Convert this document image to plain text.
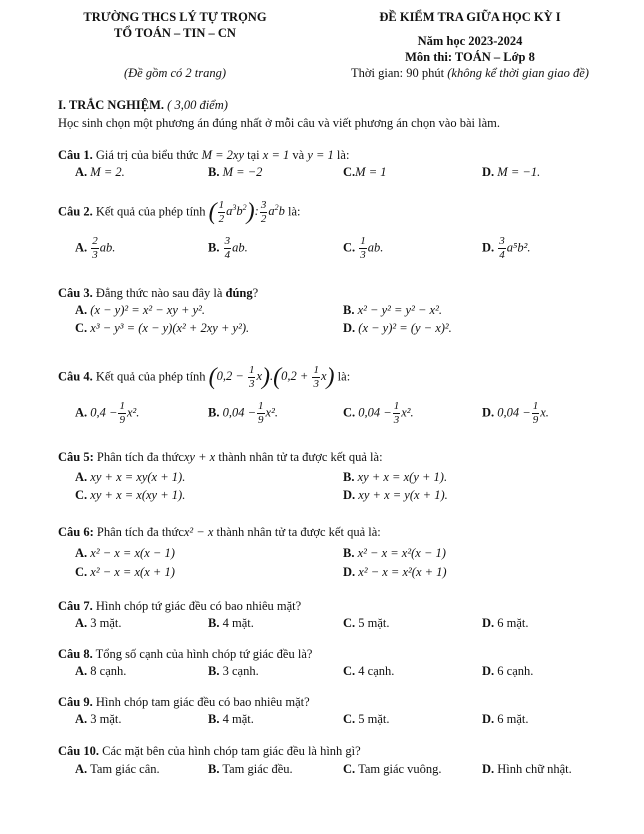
TRƯỜNG THCS LÝ TỰ TRỌNG
TỔ TOÁN – TIN – CN
(Đề gồm có 2 trang)
ĐỀ KIỂM TRA GIỮA HỌC KỲ I
Năm học 2023-2024
Môn thi: TOÁN – Lớp 8
Thời gian: 90 phút (không kể thời gian giao đề)
I. TRẮC NGHIỆM. ( 3,00 điểm)
Học sinh chọn một phương án đúng nhất ở mỗi câu và viết phương án chọn vào bài làm.
Câu 1. Giá trị của biểu thức M = 2xy tại x = 1 và y = 1 là:
A. M = 2.	B. M = −2	C.M = 1	D. M = −1.
Câu 2. Kết quả của phép tính ( $\frac{1}{2} a^3b^2$): $\frac{3}{2} a^2b$ là:
A. $\frac{2}{3}$ ab.	B. $\frac{3}{4}$ ab.	C. $\frac{1}{3}$ ab.	D. $\frac{3}{4} a^5b^2$.
Câu 3. Đẳng thức nào sau đây là đúng?
A. (x − y)² = x² − xy + y².	B. x² − y² = y² − x².
C. x³ − y³ = (x − y)(x² + 2xy + y²).	D. (x − y)² = (y − x)².
Câu 4. Kết quả của phép tính $(0,2 - \frac{1}{3} x).(0,2 + \frac{1}{3} x)$ là:
A. $0,4 - \frac{1}{9} x^2$.	B. $0,04 - \frac{1}{9} x^2$.	C. $0,04 - \frac{1}{3} x^2$.	D. $0,04 - \frac{1}{9} x$.
Câu 5: Phân tích đa thứcxy + x thành nhân tử ta được kết quả là:
A. xy + x = xy(x + 1).	B. xy + x = x(y + 1).
C. xy + x = x(xy + 1).	D. xy + x = y(x + 1).
Câu 6: Phân tích đa thứcx² − x thành nhân tử ta được kết quả là:
A. x² − x = x(x − 1)	B. x² − x = x²(x − 1)
C. x² − x = x(x + 1)	D. x² − x = x²(x + 1)
Câu 7. Hình chóp tứ giác đều có bao nhiêu mặt?
A. 3 mặt.	B. 4 mặt.	C. 5 mặt.	D. 6 mặt.
Câu 8. Tổng số cạnh của hình chóp tứ giác đều là?
A. 8 cạnh.	B. 3 cạnh.	C. 4 cạnh.	D. 6 cạnh.
Câu 9. Hình chóp tam giác đều có bao nhiêu mặt?
A. 3 mặt.	B. 4 mặt.	C. 5 mặt.	D. 6 mặt.
Câu 10. Các mặt bên của hình chóp tam giác đều là hình gì?
A. Tam giác cân.	B. Tam giác đều.	C. Tam giác vuông.	D. Hình chữ nhật.
